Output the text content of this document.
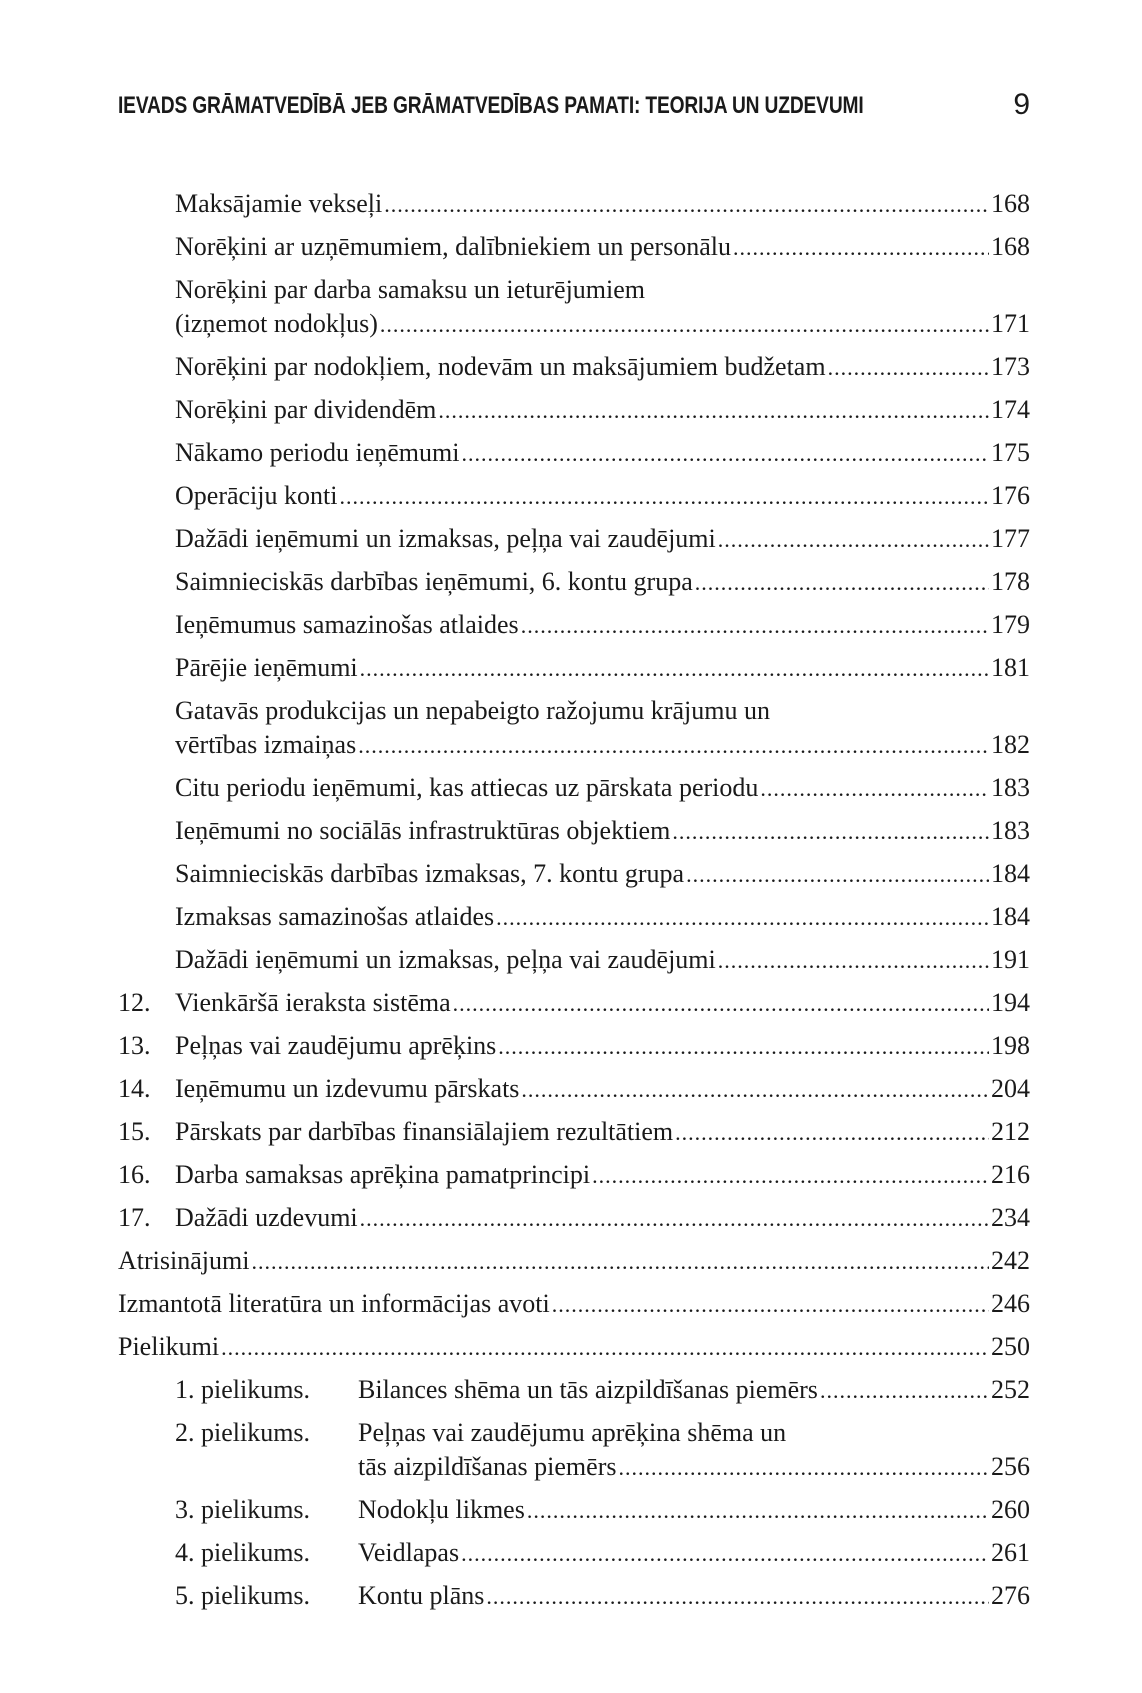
IEVADS GRĀMATVEDĪBĀ JEB GRĀMATVEDĪBAS PAMATI: TEORIJA UN UZDEVUMI	9
Maksājamie vekseļi .....	168
Norēķini ar uzņēmumiem, dalībniekiem un personālu .....	168
Norēķini par darba samaksu un ieturējumiem
(izņemot nodokļus) .....	171
Norēķini par nodokļiem, nodevām un maksājumiem budžetam .....	173
Norēķini par dividendēm .....	174
Nākamo periodu ieņēmumi .....	175
Operāciju konti .....	176
Dažādi ieņēmumi un izmaksas, peļņa vai zaudējumi .....	177
Saimnieciskās darbības ieņēmumi, 6. kontu grupa .....	178
Ieņēmumus samazinošas atlaides .....	179
Pārējie ieņēmumi .....	181
Gatavās produkcijas un nepabeigto ražojumu krājumu un
vērtības izmaiņas .....	182
Citu periodu ieņēmumi, kas attiecas uz pārskata periodu .....	183
Ieņēmumi no sociālās infrastruktūras objektiem .....	183
Saimnieciskās darbības izmaksas, 7. kontu grupa .....	184
Izmaksas samazinošas atlaides .....	184
Dažādi ieņēmumi un izmaksas, peļņa vai zaudējumi .....	191
12. Vienkāršā ieraksta sistēma .....	194
13. Peļņas vai zaudējumu aprēķins .....	198
14. Ieņēmumu un izdevumu pārskats .....	204
15. Pārskats par darbības finansiālajiem rezultātiem .....	212
16. Darba samaksas aprēķina pamatprincipi .....	216
17. Dažādi uzdevumi .....	234
Atrisinājumi .....	242
Izmantotā literatūra un informācijas avoti .....	246
Pielikumi .....	250
1. pielikums. Bilances shēma un tās aizpildīšanas piemērs .....	252
2. pielikums. Peļņas vai zaudējumu aprēķina shēma un
tās aizpildīšanas piemērs .....	256
3. pielikums. Nodokļu likmes .....	260
4. pielikums. Veidlapas .....	261
5. pielikums. Kontu plāns .....	276
